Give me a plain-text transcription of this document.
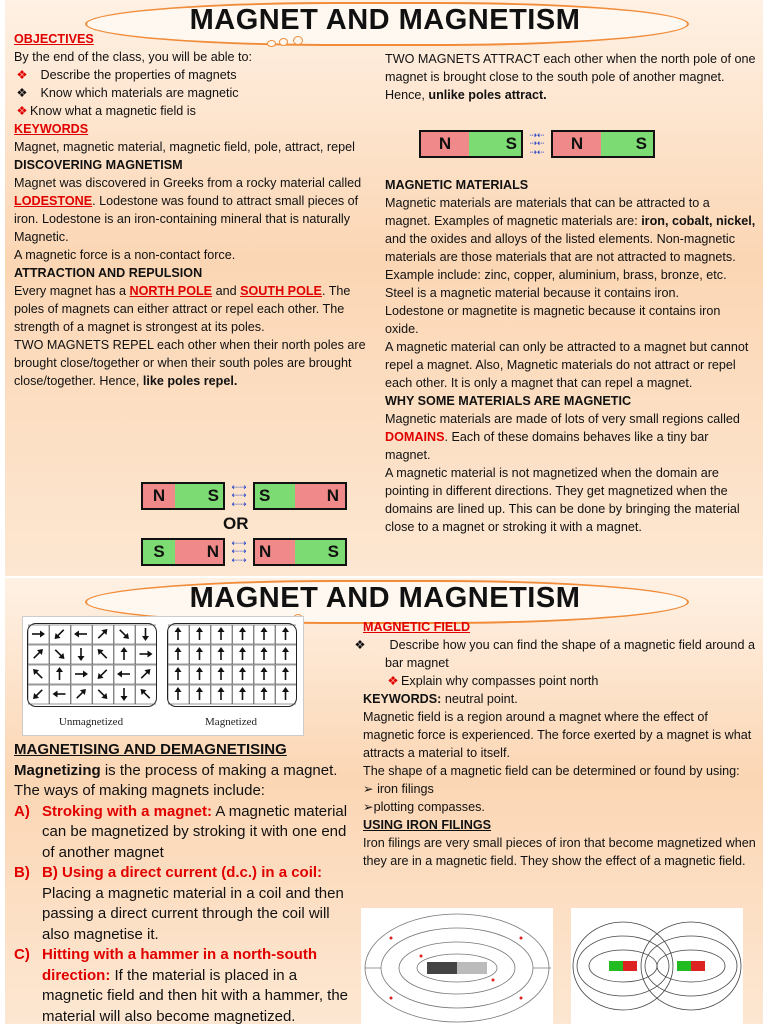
MAGNET AND MAGNETISM

OBJECTIVES

By the end of the class, you will be able to:

❖ Describe the properties of magnets

❖ Know which materials are magnetic

❖ Know what a magnetic field is

KEYWORDS

Magnet, magnetic material, magnetic field, pole, attract, repel

DISCOVERING MAGNETISM

Magnet was discovered in Greeks from a rocky material called LODESTONE. Lodestone was found to attract small pieces of iron. Lodestone is an iron-containing mineral that is naturally Magnetic.

A magnetic force is a non-contact force.

ATTRACTION AND REPULSION

Every magnet has a NORTH POLE and SOUTH POLE. The poles of magnets can either attract or repel each other. The strength of a magnet is strongest at its poles.

TWO MAGNETS REPEL each other when their north poles are brought close/together or when their south poles are brought close/together. Hence, like poles repel.

N	S	⇠⇢
⇠⇢
⇠⇢ S	N
OR
S	N	⇠⇢
⇠⇢
⇠⇢ N	S

TWO MAGNETS ATTRACT each other when the north pole of one magnet is brought close to the south pole of another magnet.

Hence, unlike poles attract.

N	S	⇢⇠
⇢⇠
⇢⇠	N	S

MAGNETIC MATERIALS

Magnetic materials are materials that can be attracted to a magnet. Examples of magnetic materials are: iron, cobalt, nickel, and the oxides and alloys of the listed elements. Non-magnetic materials are those materials that are not attracted to magnets. Example include: zinc, copper, aluminium, brass, bronze, etc.

Steel is a magnetic material because it contains iron.

Lodestone or magnetite is magnetic because it contains iron oxide.

A magnetic material can only be attracted to a magnet but cannot repel a magnet. Also, Magnetic materials do not attract or repel each other. It is only a magnet that can repel a magnet.

WHY SOME MATERIALS ARE MAGNETIC

Magnetic materials are made of lots of very small regions called DOMAINS. Each of these domains behaves like a tiny bar magnet.

A magnetic material is not magnetized when the domain are pointing in different directions. They get magnetized when the domains are lined up. This can be done by bringing the material close to a magnet or stroking it with a magnet.

MAGNET AND MAGNETISM
Unmagnetized	Magnetized

MAGNETISING AND DEMAGNETISING

Magnetizing is the process of making a magnet. The ways of making magnets include:

A) Stroking with a magnet: A magnetic material can be magnetized by stroking it with one end of another magnet
B) B) Using a direct current (d.c.) in a coil: Placing a magnetic material in a coil and then passing a direct current through the coil will also magnetise it.
C) Hitting with a hammer in a north-south direction: If the material is placed in a magnetic field and then hit with a hammer, the material will also become magnetized.

MAGNETIC FIELD

❖ Describe how you can find the shape of a magnetic field around a bar magnet

❖ Explain why compasses point north

KEYWORDS: neutral point.

Magnetic field is a region around a magnet where the effect of magnetic force is experienced. The force exerted by a magnet is what attracts a material to itself.

The shape of a magnetic field can be determined or found by using:

➢ iron filings

➢plotting compasses.

USING IRON FILINGS

Iron filings are very small pieces of iron that become magnetized when they are in a magnetic field. They show the effect of a magnetic field.
